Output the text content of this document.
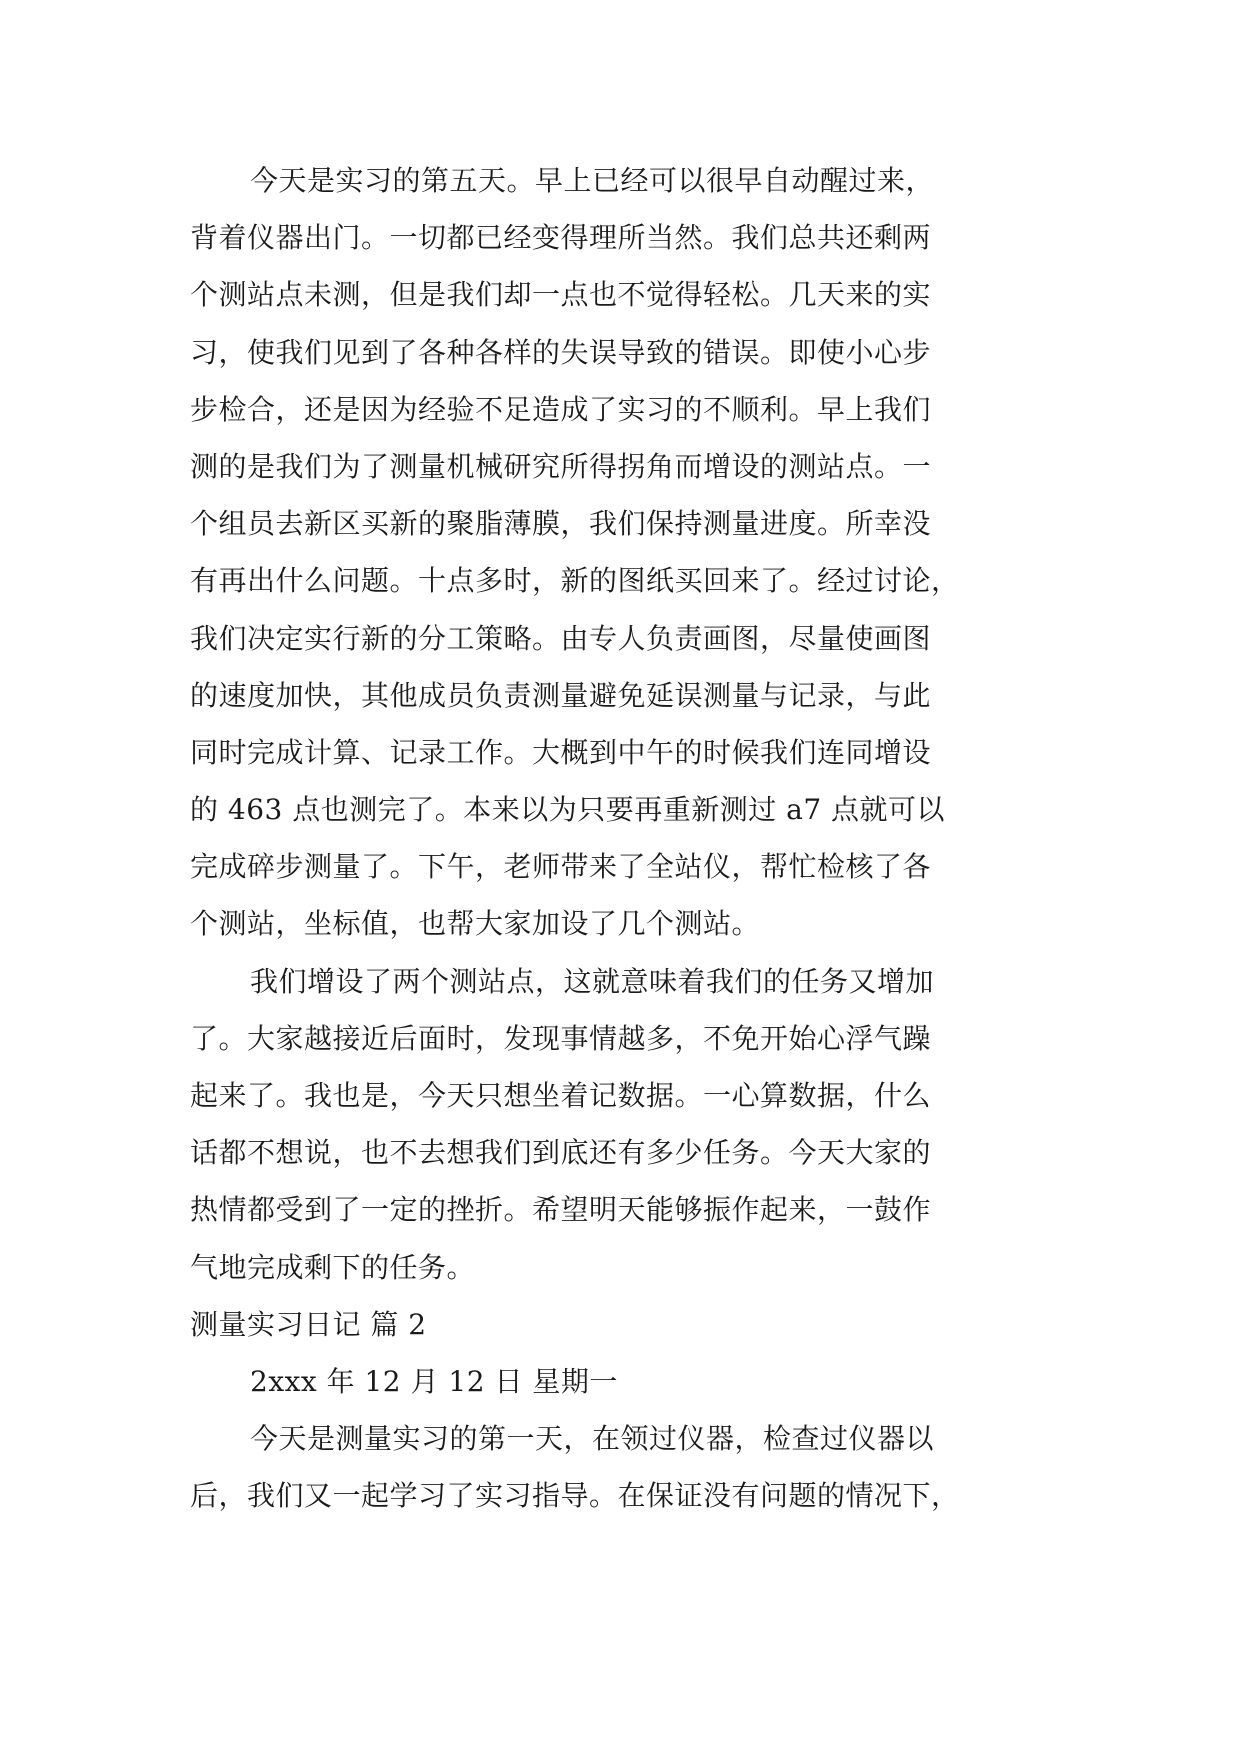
今天是实习的第五天。早上已经可以很早自动醒过来，
背着仪器出门。一切都已经变得理所当然。我们总共还剩两
个测站点未测，但是我们却一点也不觉得轻松。几天来的实
习，使我们见到了各种各样的失误导致的错误。即使小心步
步检合，还是因为经验不足造成了实习的不顺利。早上我们
测的是我们为了测量机械研究所得拐角而增设的测站点。一
个组员去新区买新的聚脂薄膜，我们保持测量进度。所幸没
有再出什么问题。十点多时，新的图纸买回来了。经过讨论，
我们决定实行新的分工策略。由专人负责画图，尽量使画图
的速度加快，其他成员负责测量避免延误测量与记录，与此
同时完成计算、记录工作。大概到中午的时候我们连同增设
的 463 点也测完了。本来以为只要再重新测过 a7 点就可以
完成碎步测量了。下午，老师带来了全站仪，帮忙检核了各
个测站，坐标值，也帮大家加设了几个测站。
我们增设了两个测站点，这就意味着我们的任务又增加
了。大家越接近后面时，发现事情越多，不免开始心浮气躁
起来了。我也是，今天只想坐着记数据。一心算数据，什么
话都不想说，也不去想我们到底还有多少任务。今天大家的
热情都受到了一定的挫折。希望明天能够振作起来，一鼓作
气地完成剩下的任务。
测量实习日记 篇 2
2xxx 年 12 月 12 日 星期一
今天是测量实习的第一天，在领过仪器，检查过仪器以
后，我们又一起学习了实习指导。在保证没有问题的情况下，
